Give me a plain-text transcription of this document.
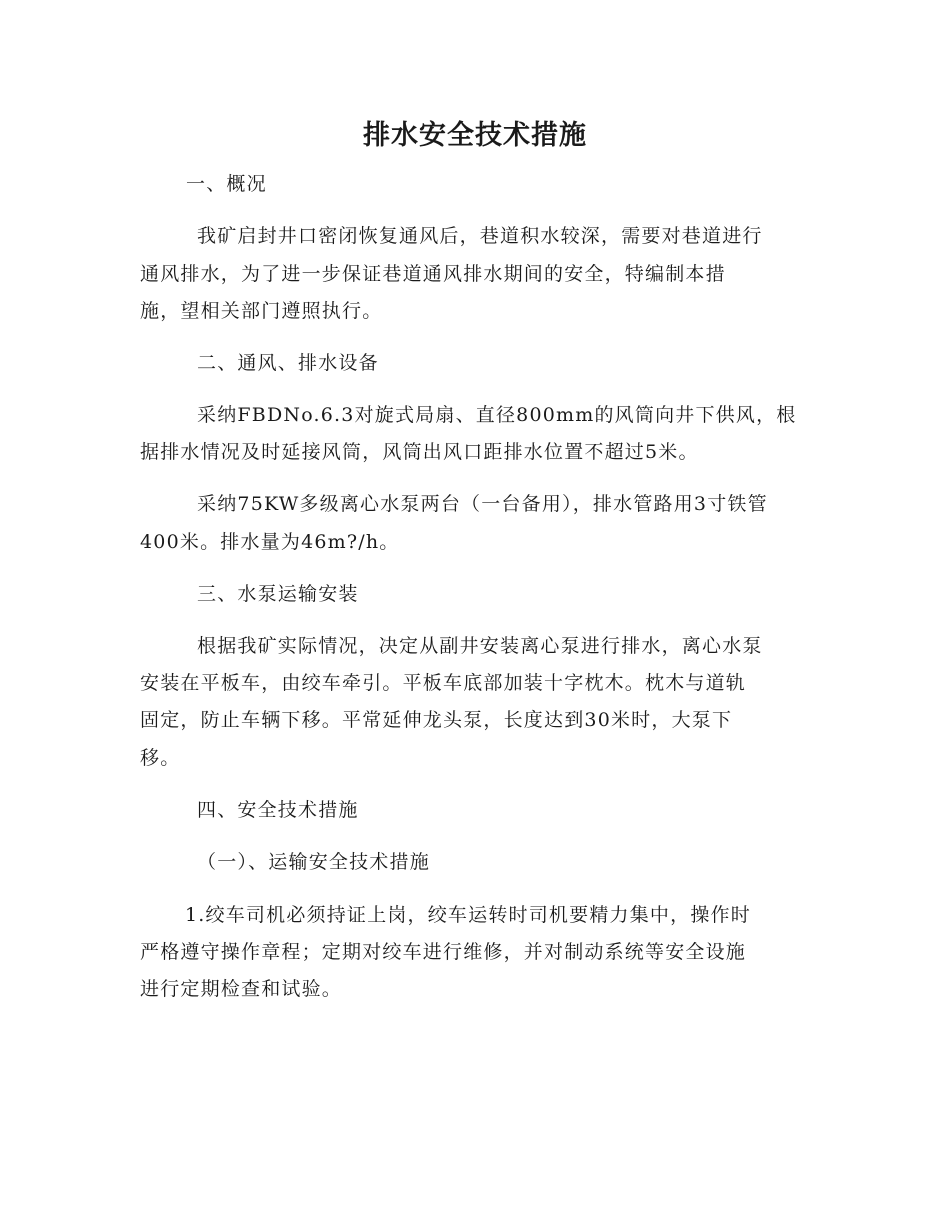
排水安全技术措施
一、概况
我矿启封井口密闭恢复通风后，巷道积水较深，需要对巷道进行
通风排水，为了进一步保证巷道通风排水期间的安全，特编制本措
施，望相关部门遵照执行。
二、通风、排水设备
采纳FBDNo.6.3对旋式局扇、直径800mm的风筒向井下供风，根
据排水情况及时延接风筒，风筒出风口距排水位置不超过5米。
采纳75KW多级离心水泵两台（一台备用），排水管路用3寸铁管
400米。排水量为46m?/h。
三、水泵运输安装
根据我矿实际情况，决定从副井安装离心泵进行排水，离心水泵
安装在平板车，由绞车牵引。平板车底部加装十字枕木。枕木与道轨
固定，防止车辆下移。平常延伸龙头泵，长度达到30米时，大泵下
移。
四、安全技术措施
（一）、运输安全技术措施
1.绞车司机必须持证上岗，绞车运转时司机要精力集中，操作时
严格遵守操作章程；定期对绞车进行维修，并对制动系统等安全设施
进行定期检查和试验。
